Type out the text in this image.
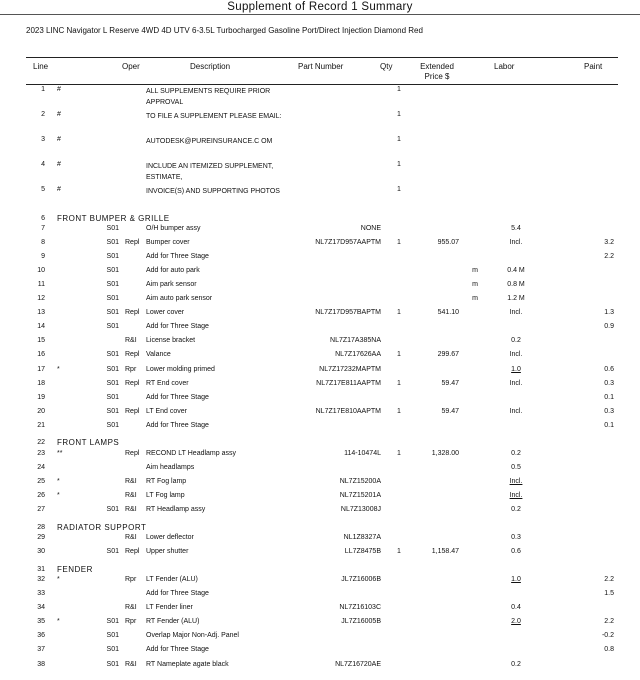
Supplement of Record 1 Summary
2023 LINC Navigator L Reserve 4WD 4D UTV 6-3.5L Turbocharged Gasoline Port/Direct Injection Diamond Red
Line	Oper	Description	Part Number	Qty	Extended
Price $
Labor	Paint
1	#			ALL SUPPLEMENTS REQUIRE PRIOR APPROVAL		1				
2	#			TO FILE A SUPPLEMENT PLEASE EMAIL:		1				
3	#			AUTODESK@PUREINSURANCE.C OM		1				
4	#			INCLUDE AN ITEMIZED SUPPLEMENT, ESTIMATE,		1				
5	#			INVOICE(S) AND SUPPORTING PHOTOS		1				
6	FRONT BUMPER & GRILLE									
7		S01		O/H bumper assy	NONE				5.4	
8		S01	Repl	Bumper cover	NL7Z17D957AAPTM	1	955.07		Incl.	3.2
9		S01		Add for Three Stage						2.2
10		S01		Add for auto park				m	0.4 M	
11		S01		Aim park sensor				m	0.8 M	
12		S01		Aim auto park sensor				m	1.2 M	
13		S01	Repl	Lower cover	NL7Z17D957BAPTM	1	541.10		Incl.	1.3
14		S01		Add for Three Stage						0.9
15			R&I	License bracket	NL7Z17A385NA				0.2	
16		S01	Repl	Valance	NL7Z17626AA	1	299.67		Incl.	
17	*	S01	Rpr	Lower molding primed	NL7Z17232MAPTM				1.0	0.6
18		S01	Repl	RT End cover	NL7Z17E811AAPTM	1	59.47		Incl.	0.3
19		S01		Add for Three Stage						0.1
20		S01	Repl	LT End cover	NL7Z17E810AAPTM	1	59.47		Incl.	0.3
21		S01		Add for Three Stage						0.1
22	FRONT LAMPS									
23	**		Repl	RECOND LT Headlamp assy	114-10474L	1	1,328.00		0.2	
24				Aim headlamps					0.5	
25	*		R&I	RT Fog lamp	NL7Z15200A				Incl.	
26	*		R&I	LT Fog lamp	NL7Z15201A				Incl.	
27		S01	R&I	RT Headlamp assy	NL7Z13008J				0.2	
28	RADIATOR SUPPORT									
29			R&I	Lower deflector	NL1Z8327A				0.3	
30		S01	Repl	Upper shutter	LL7Z8475B	1	1,158.47		0.6	
31	FENDER									
32	*		Rpr	LT Fender (ALU)	JL7Z16006B				1.0	2.2
33				Add for Three Stage						1.5
34			R&I	LT Fender liner	NL7Z16103C				0.4	
35	*	S01	Rpr	RT Fender (ALU)	JL7Z16005B				2.0	2.2
36		S01		Overlap Major Non-Adj. Panel						-0.2
37		S01		Add for Three Stage						0.8
38		S01	R&I	RT Nameplate agate black	NL7Z16720AE				0.2	
